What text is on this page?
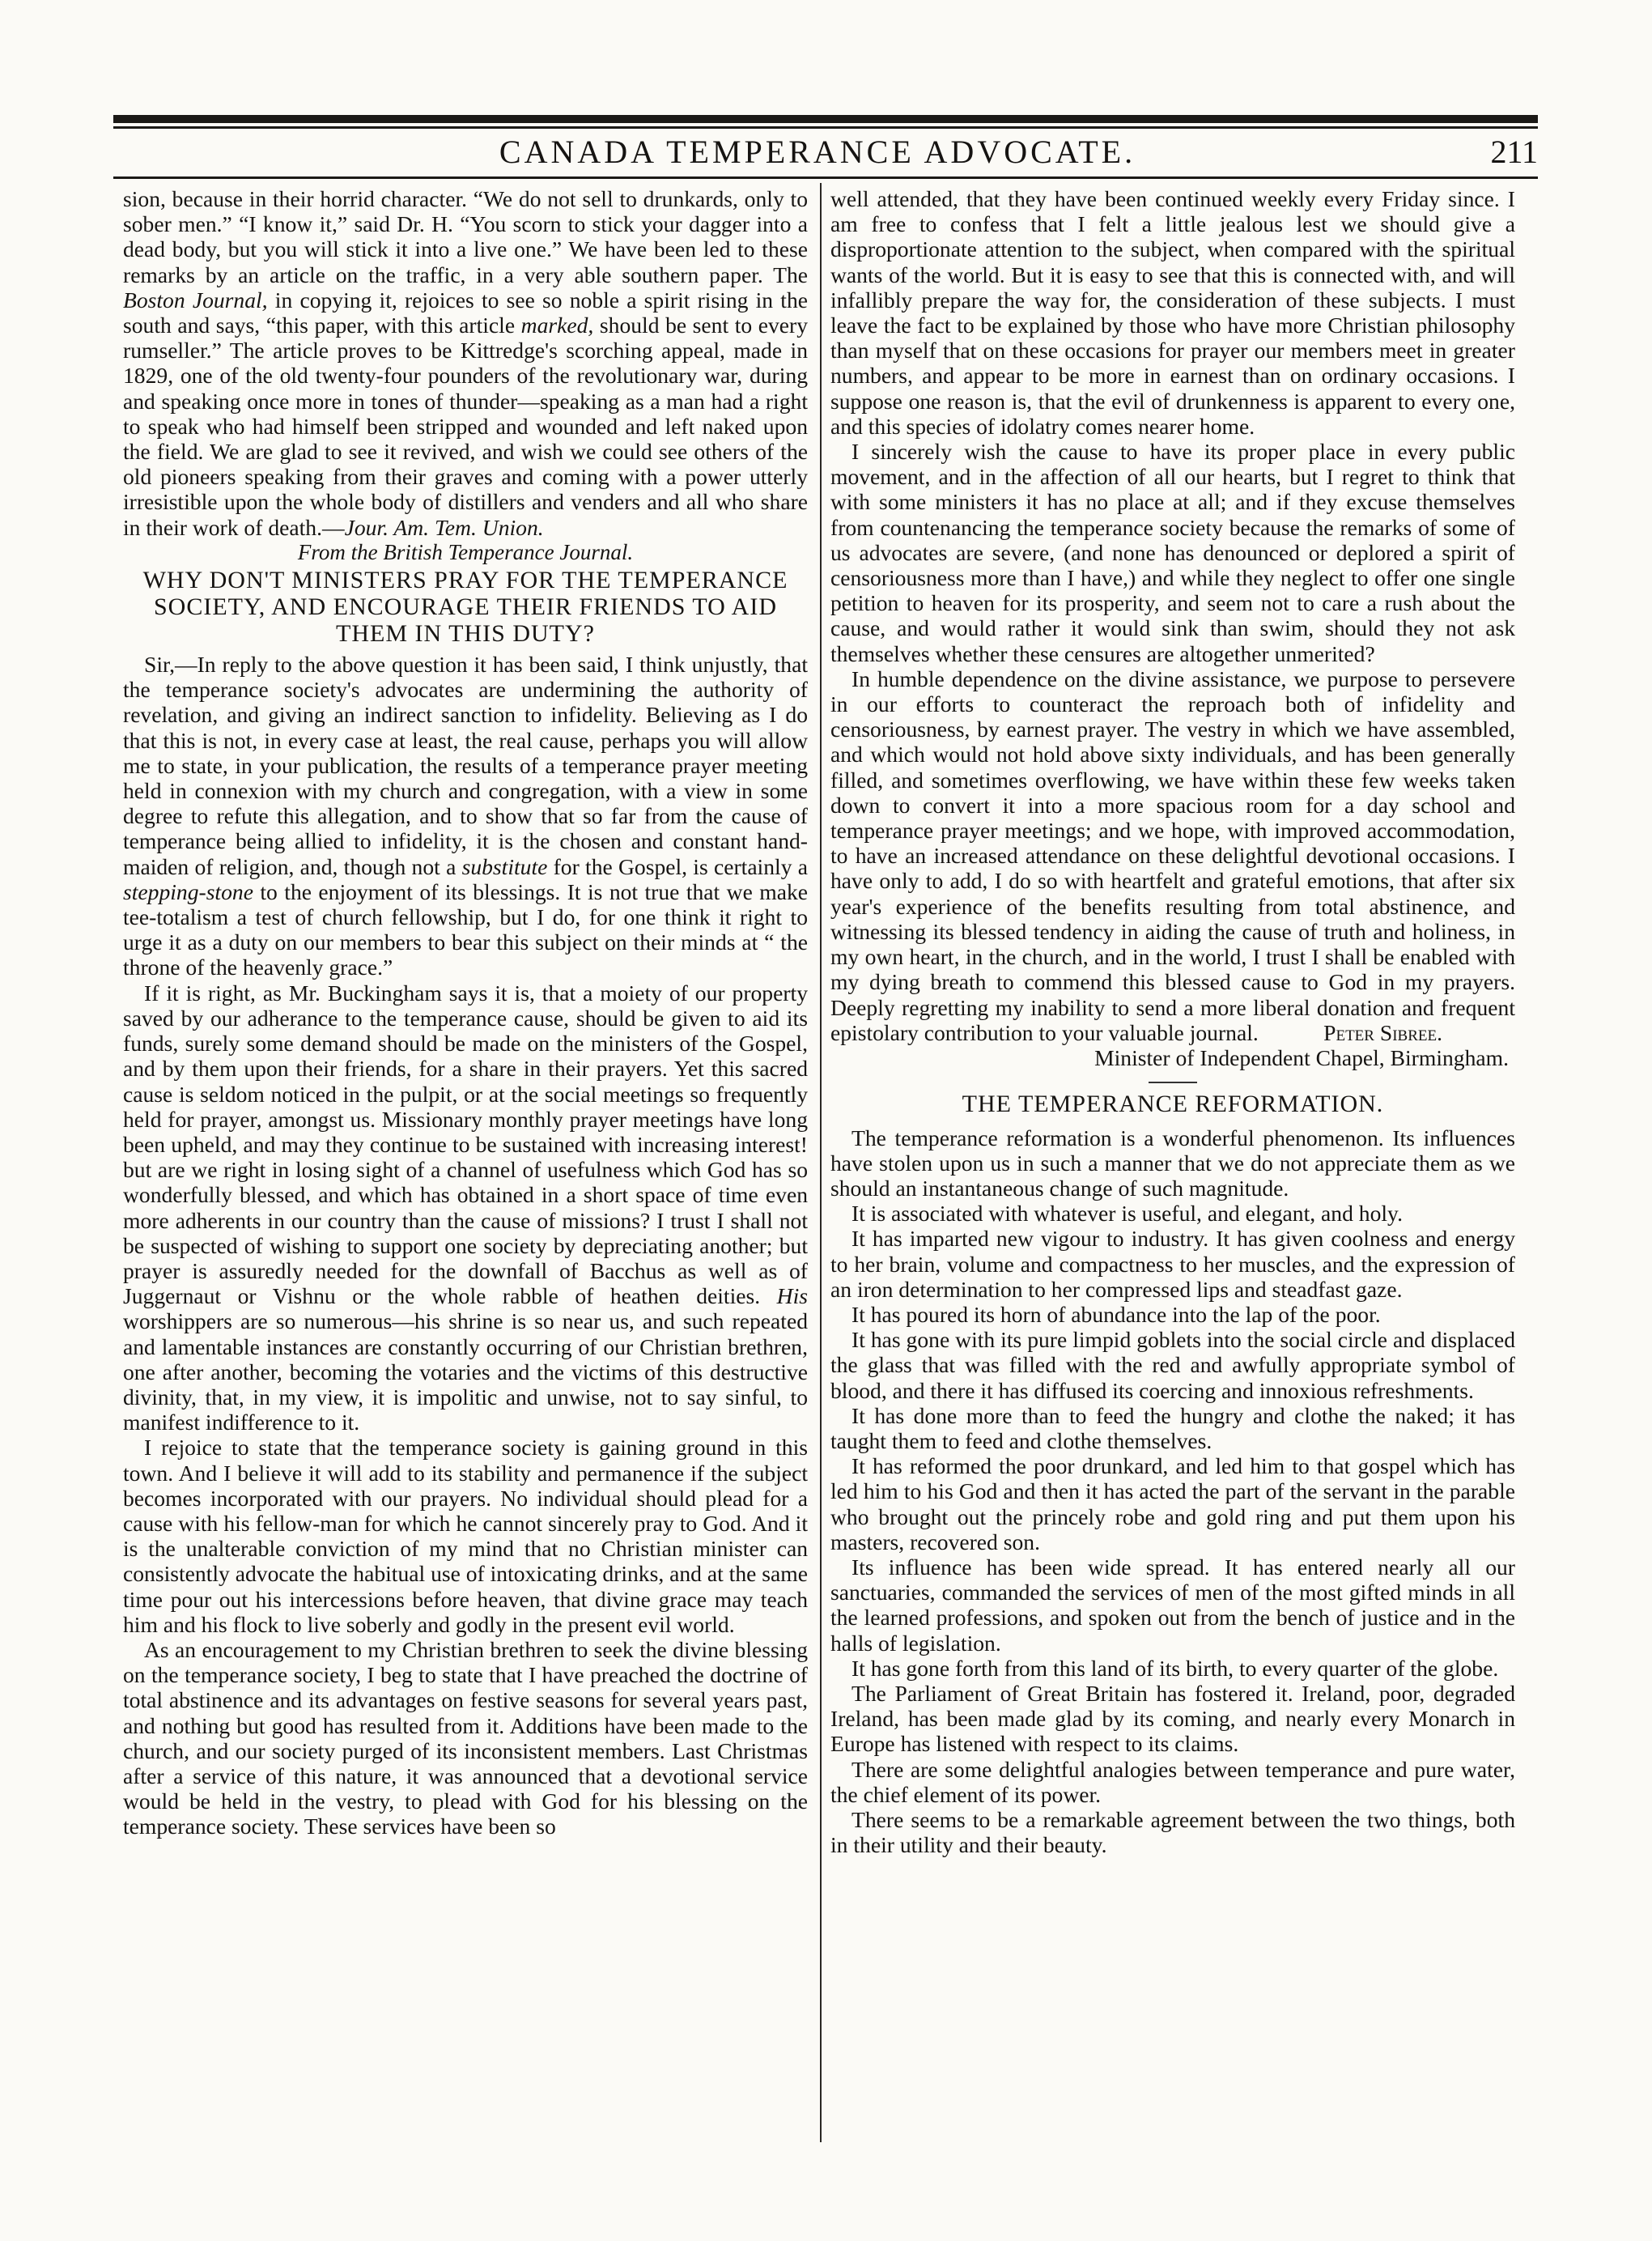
CANADA TEMPERANCE ADVOCATE.	211

sion, because in their horrid character. “We do not sell to drunkards, only to sober men.” “I know it,” said Dr. H. “You scorn to stick your dagger into a dead body, but you will stick it into a live one.” We have been led to these remarks by an article on the traffic, in a very able southern paper. The Boston Journal, in copying it, rejoices to see so noble a spirit rising in the south and says, “this paper, with this article marked, should be sent to every rumseller.” The article proves to be Kittredge's scorching appeal, made in 1829, one of the old twenty-four pounders of the revolutionary war, during and speaking once more in tones of thunder—speaking as a man had a right to speak who had himself been stripped and wounded and left naked upon the field. We are glad to see it revived, and wish we could see others of the old pioneers speaking from their graves and coming with a power utterly irresistible upon the whole body of distillers and venders and all who share in their work of death.—Jour. Am. Tem. Union.

From the British Temperance Journal.

WHY DON'T MINISTERS PRAY FOR THE TEMPERANCE SOCIETY, AND ENCOURAGE THEIR FRIENDS TO AID THEM IN THIS DUTY?

Sir,—In reply to the above question it has been said, I think unjustly, that the temperance society's advocates are undermining the authority of revelation, and giving an indirect sanction to infidelity. Believing as I do that this is not, in every case at least, the real cause, perhaps you will allow me to state, in your publication, the results of a temperance prayer meeting held in connexion with my church and congregation, with a view in some degree to refute this allegation, and to show that so far from the cause of temperance being allied to infidelity, it is the chosen and constant hand-maiden of religion, and, though not a substitute for the Gospel, is certainly a stepping-stone to the enjoyment of its blessings. It is not true that we make tee-totalism a test of church fellowship, but I do, for one think it right to urge it as a duty on our members to bear this subject on their minds at “ the throne of the heavenly grace.”

If it is right, as Mr. Buckingham says it is, that a moiety of our property saved by our adherance to the temperance cause, should be given to aid its funds, surely some demand should be made on the ministers of the Gospel, and by them upon their friends, for a share in their prayers. Yet this sacred cause is seldom noticed in the pulpit, or at the social meetings so frequently held for prayer, amongst us. Missionary monthly prayer meetings have long been upheld, and may they continue to be sustained with increasing interest! but are we right in losing sight of a channel of usefulness which God has so wonderfully blessed, and which has obtained in a short space of time even more adherents in our country than the cause of missions? I trust I shall not be suspected of wishing to support one society by depreciating another; but prayer is assuredly needed for the downfall of Bacchus as well as of Juggernaut or Vishnu or the whole rabble of heathen deities. His worshippers are so numerous—his shrine is so near us, and such repeated and lamentable instances are constantly occurring of our Christian brethren, one after another, becoming the votaries and the victims of this destructive divinity, that, in my view, it is impolitic and unwise, not to say sinful, to manifest indifference to it.

I rejoice to state that the temperance society is gaining ground in this town. And I believe it will add to its stability and permanence if the subject becomes incorporated with our prayers. No individual should plead for a cause with his fellow-man for which he cannot sincerely pray to God. And it is the unalterable conviction of my mind that no Christian minister can consistently advocate the habitual use of intoxicating drinks, and at the same time pour out his intercessions before heaven, that divine grace may teach him and his flock to live soberly and godly in the present evil world.

As an encouragement to my Christian brethren to seek the divine blessing on the temperance society, I beg to state that I have preached the doctrine of total abstinence and its advantages on festive seasons for several years past, and nothing but good has resulted from it. Additions have been made to the church, and our society purged of its inconsistent members. Last Christmas after a service of this nature, it was announced that a devotional service would be held in the vestry, to plead with God for his blessing on the temperance society. These services have been so

well attended, that they have been continued weekly every Friday since. I am free to confess that I felt a little jealous lest we should give a disproportionate attention to the subject, when compared with the spiritual wants of the world. But it is easy to see that this is connected with, and will infallibly prepare the way for, the consideration of these subjects. I must leave the fact to be explained by those who have more Christian philosophy than myself that on these occasions for prayer our members meet in greater numbers, and appear to be more in earnest than on ordinary occasions. I suppose one reason is, that the evil of drunkenness is apparent to every one, and this species of idolatry comes nearer home.

I sincerely wish the cause to have its proper place in every public movement, and in the affection of all our hearts, but I regret to think that with some ministers it has no place at all; and if they excuse themselves from countenancing the temperance society because the remarks of some of us advocates are severe, (and none has denounced or deplored a spirit of censoriousness more than I have,) and while they neglect to offer one single petition to heaven for its prosperity, and seem not to care a rush about the cause, and would rather it would sink than swim, should they not ask themselves whether these censures are altogether unmerited?

In humble dependence on the divine assistance, we purpose to persevere in our efforts to counteract the reproach both of infidelity and censoriousness, by earnest prayer. The vestry in which we have assembled, and which would not hold above sixty individuals, and has been generally filled, and sometimes overflowing, we have within these few weeks taken down to convert it into a more spacious room for a day school and temperance prayer meetings; and we hope, with improved accommodation, to have an increased attendance on these delightful devotional occasions. I have only to add, I do so with heartfelt and grateful emotions, that after six year's experience of the benefits resulting from total abstinence, and witnessing its blessed tendency in aiding the cause of truth and holiness, in my own heart, in the church, and in the world, I trust I shall be enabled with my dying breath to commend this blessed cause to God in my prayers. Deeply regretting my inability to send a more liberal donation and frequent epistolary contribution to your valuable journal.	Peter Sibree.

Minister of Independent Chapel, Birmingham.

THE TEMPERANCE REFORMATION.

The temperance reformation is a wonderful phenomenon. Its influences have stolen upon us in such a manner that we do not appreciate them as we should an instantaneous change of such magnitude.

It is associated with whatever is useful, and elegant, and holy.

It has imparted new vigour to industry. It has given coolness and energy to her brain, volume and compactness to her muscles, and the expression of an iron determination to her compressed lips and steadfast gaze.

It has poured its horn of abundance into the lap of the poor.

It has gone with its pure limpid goblets into the social circle and displaced the glass that was filled with the red and awfully appropriate symbol of blood, and there it has diffused its coercing and innoxious refreshments.

It has done more than to feed the hungry and clothe the naked; it has taught them to feed and clothe themselves.

It has reformed the poor drunkard, and led him to that gospel which has led him to his God and then it has acted the part of the servant in the parable who brought out the princely robe and gold ring and put them upon his masters, recovered son.

Its influence has been wide spread. It has entered nearly all our sanctuaries, commanded the services of men of the most gifted minds in all the learned professions, and spoken out from the bench of justice and in the halls of legislation.

It has gone forth from this land of its birth, to every quarter of the globe.

The Parliament of Great Britain has fostered it. Ireland, poor, degraded Ireland, has been made glad by its coming, and nearly every Monarch in Europe has listened with respect to its claims.

There are some delightful analogies between temperance and pure water, the chief element of its power.

There seems to be a remarkable agreement between the two things, both in their utility and their beauty.
